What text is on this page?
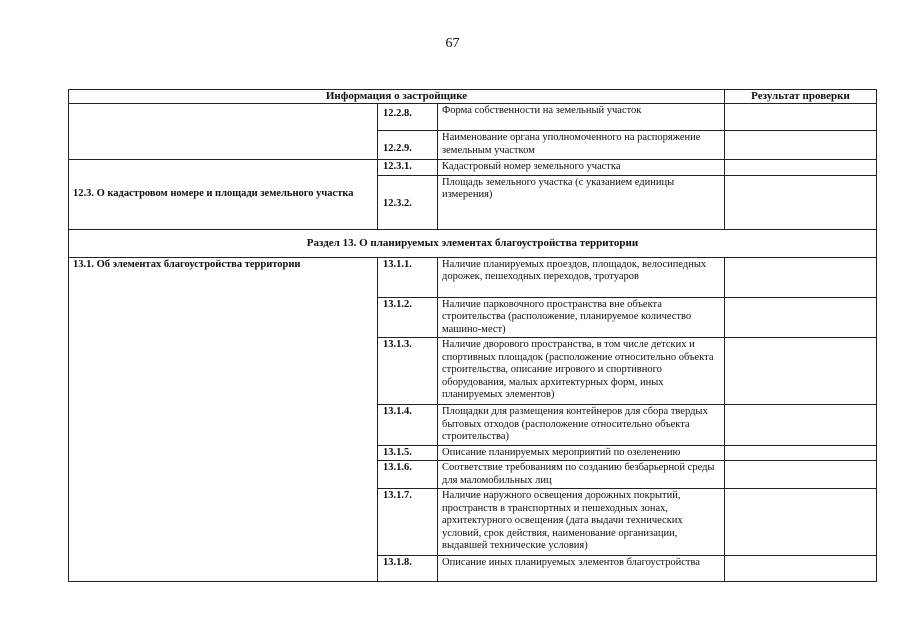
67
Информация о застройщике			Результат проверки
	12.2.8.	Форма собственности на земельный участок	
	12.2.9.	Наименование органа уполномоченного на распоряжение земельным участком	
12.3. О кадастровом номере и площади земельного участка	12.3.1.	Кадастровый номер земельного участка	
	12.3.2.	Площадь земельного участка (с указанием единицы измерения)	
Раздел 13. О планируемых элементах благоустройства территории			
13.1. Об элементах благоустройства территории	13.1.1.	Наличие планируемых проездов, площадок, велосипедных дорожек, пешеходных переходов, тротуаров	
	13.1.2.	Наличие парковочного пространства вне объекта строительства (расположение, планируемое количество машино-мест)	
	13.1.3.	Наличие дворового пространства, в том числе детских и спортивных площадок (расположение относительно объекта строительства, описание игрового и спортивного оборудования, малых архитектурных форм, иных планируемых элементов)	
	13.1.4.	Площадки для размещения контейнеров для сбора твердых бытовых отходов (расположение относительно объекта строительства)	
	13.1.5.	Описание планируемых мероприятий по озеленению	
	13.1.6.	Соответствие требованиям по созданию безбарьерной среды для маломобильных лиц	
	13.1.7.	Наличие наружного освещения дорожных покрытий, пространств в транспортных и пешеходных зонах, архитектурного освещения (дата выдачи технических условий, срок действия, наименование организации, выдавшей технические условия)	
	13.1.8.	Описание иных планируемых элементов благоустройства	
